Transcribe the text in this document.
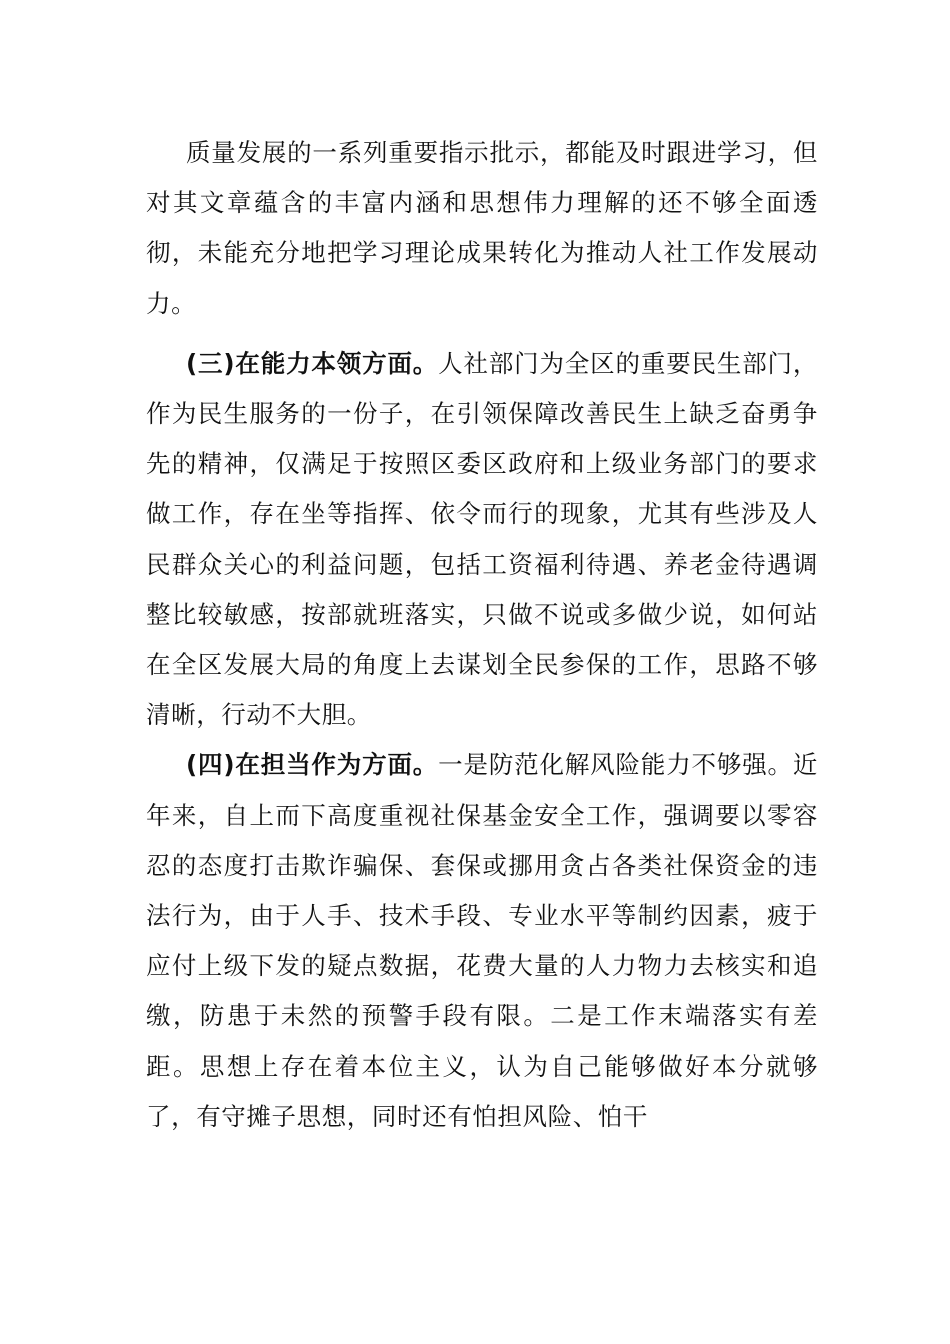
质量发展的一系列重要指示批示，都能及时跟进学习，但对其文章蕴含的丰富内涵和思想伟力理解的还不够全面透彻，未能充分地把学习理论成果转化为推动人社工作发展动力。

(三)在能力本领方面。人社部门为全区的重要民生部门，作为民生服务的一份子，在引领保障改善民生上缺乏奋勇争先的精神，仅满足于按照区委区政府和上级业务部门的要求做工作，存在坐等指挥、依令而行的现象，尤其有些涉及人民群众关心的利益问题，包括工资福利待遇、养老金待遇调整比较敏感，按部就班落实，只做不说或多做少说，如何站在全区发展大局的角度上去谋划全民参保的工作，思路不够清晰，行动不大胆。

(四)在担当作为方面。一是防范化解风险能力不够强。近年来，自上而下高度重视社保基金安全工作，强调要以零容忍的态度打击欺诈骗保、套保或挪用贪占各类社保资金的违法行为，由于人手、技术手段、专业水平等制约因素，疲于应付上级下发的疑点数据，花费大量的人力物力去核实和追缴，防患于未然的预警手段有限。二是工作末端落实有差距。思想上存在着本位主义，认为自己能够做好本分就够了，有守摊子思想，同时还有怕担风险、怕干
